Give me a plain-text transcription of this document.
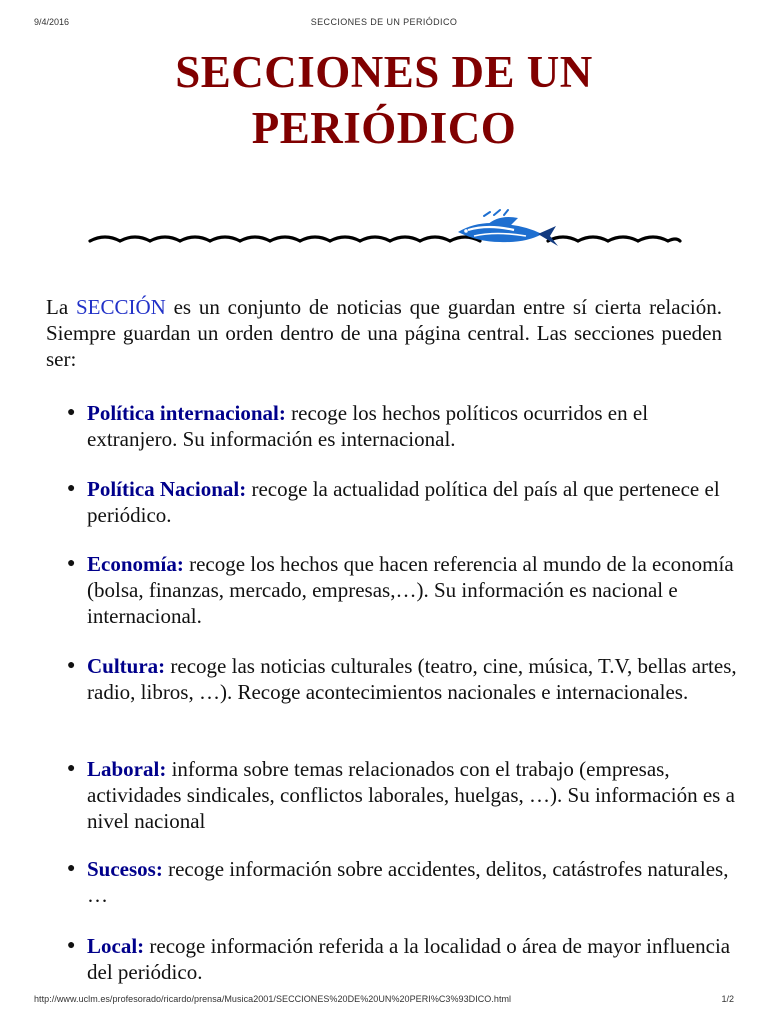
9/4/2016	SECCIONES DE UN PERIÓDICO
SECCIONES DE UN
PERIÓDICO

La SECCIÓN es un conjunto de noticias que guardan entre sí cierta relación. Siempre guardan un orden dentro de una página central. Las secciones pueden ser:

● Política internacional: recoge los hechos políticos ocurridos en el extranjero. Su información es internacional.
● Política Nacional: recoge la actualidad política del país al que pertenece el periódico.
● Economía: recoge los hechos que hacen referencia al mundo de la economía (bolsa, finanzas, mercado, empresas,…). Su información es nacional e internacional.
● Cultura: recoge las noticias culturales (teatro, cine, música, T.V, bellas artes, radio, libros, …). Recoge acontecimientos nacionales e internacionales.
● Laboral: informa sobre temas relacionados con el trabajo (empresas, actividades sindicales, conflictos laborales, huelgas, …). Su información es a nivel nacional
● Sucesos: recoge información sobre accidentes, delitos, catástrofes naturales, …
● Local: recoge información referida a la localidad o área de mayor influencia del periódico.
http://www.uclm.es/profesorado/ricardo/prensa/Musica2001/SECCIONES%20DE%20UN%20PERI%C3%93DICO.html	1/2
